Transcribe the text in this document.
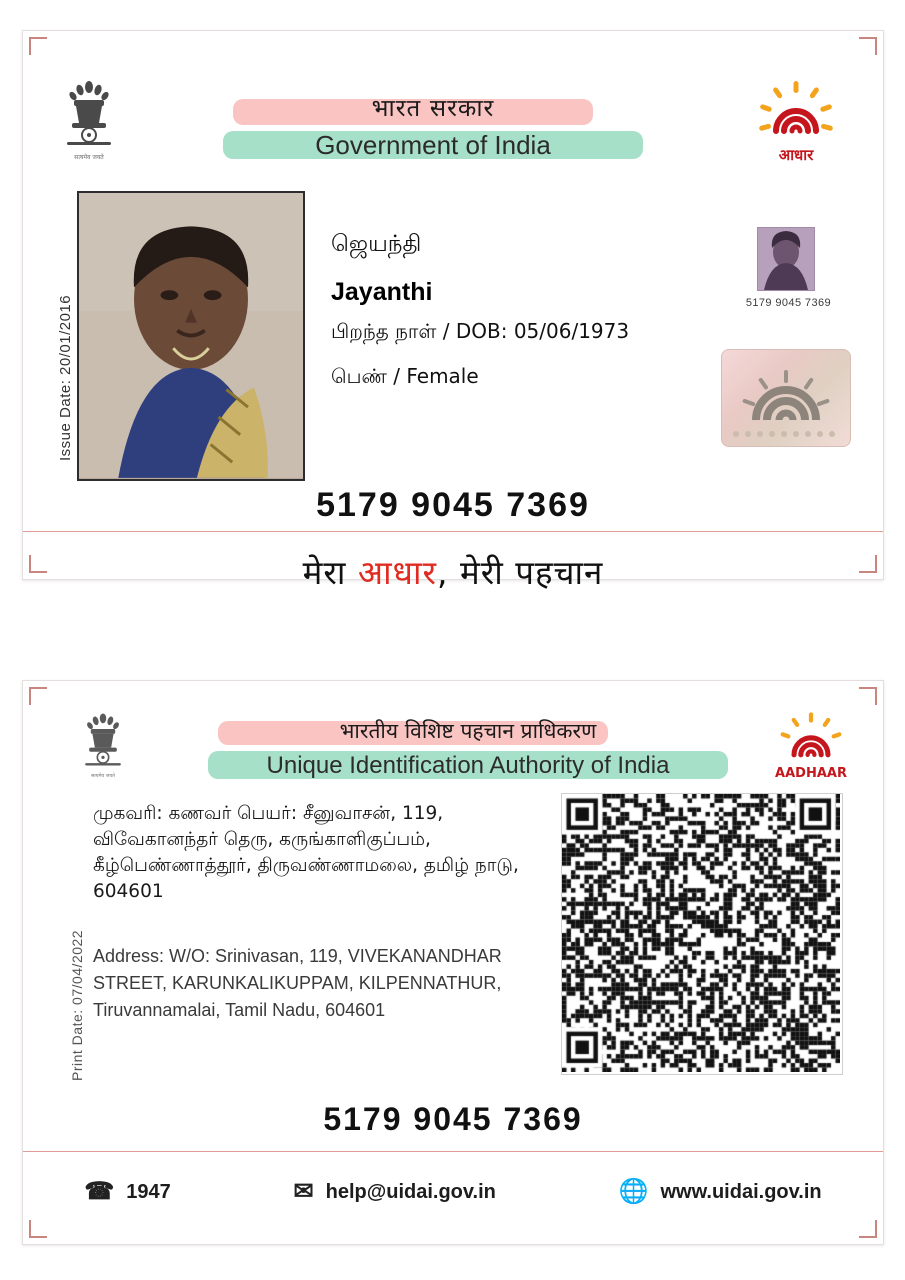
सत्यमेव जयते
भारत सरकार
Government of India	आधार
Issue Date: 20/01/2016
ஜெயந்தி
Jayanthi
பிறந்த நாள் / DOB: 05/06/1973
பெண் / Female
5179 9045 7369
5179 9045 7369
मेरा आधार, मेरी पहचान
सत्यमेव जयते
भारतीय विशिष्ट पहचान प्राधिकरण
Unique Identification Authority of India	AADHAAR
Print Date: 07/04/2022
முகவரி: கணவர் பெயர்: சீனுவாசன், 119, விவேகானந்தர் தெரு, கருங்காளிகுப்பம், கீழ்பெண்ணாத்தூர், திருவண்ணாமலை, தமிழ் நாடு, 604601
Address: W/O: Srinivasan, 119, VIVEKANANDHAR STREET, KARUNKALIKUPPAM, KILPENNATHUR, Tiruvannamalai, Tamil Nadu, 604601
5179 9045 7369
☎ 1947	✉ help@uidai.gov.in	🌐 www.uidai.gov.in
